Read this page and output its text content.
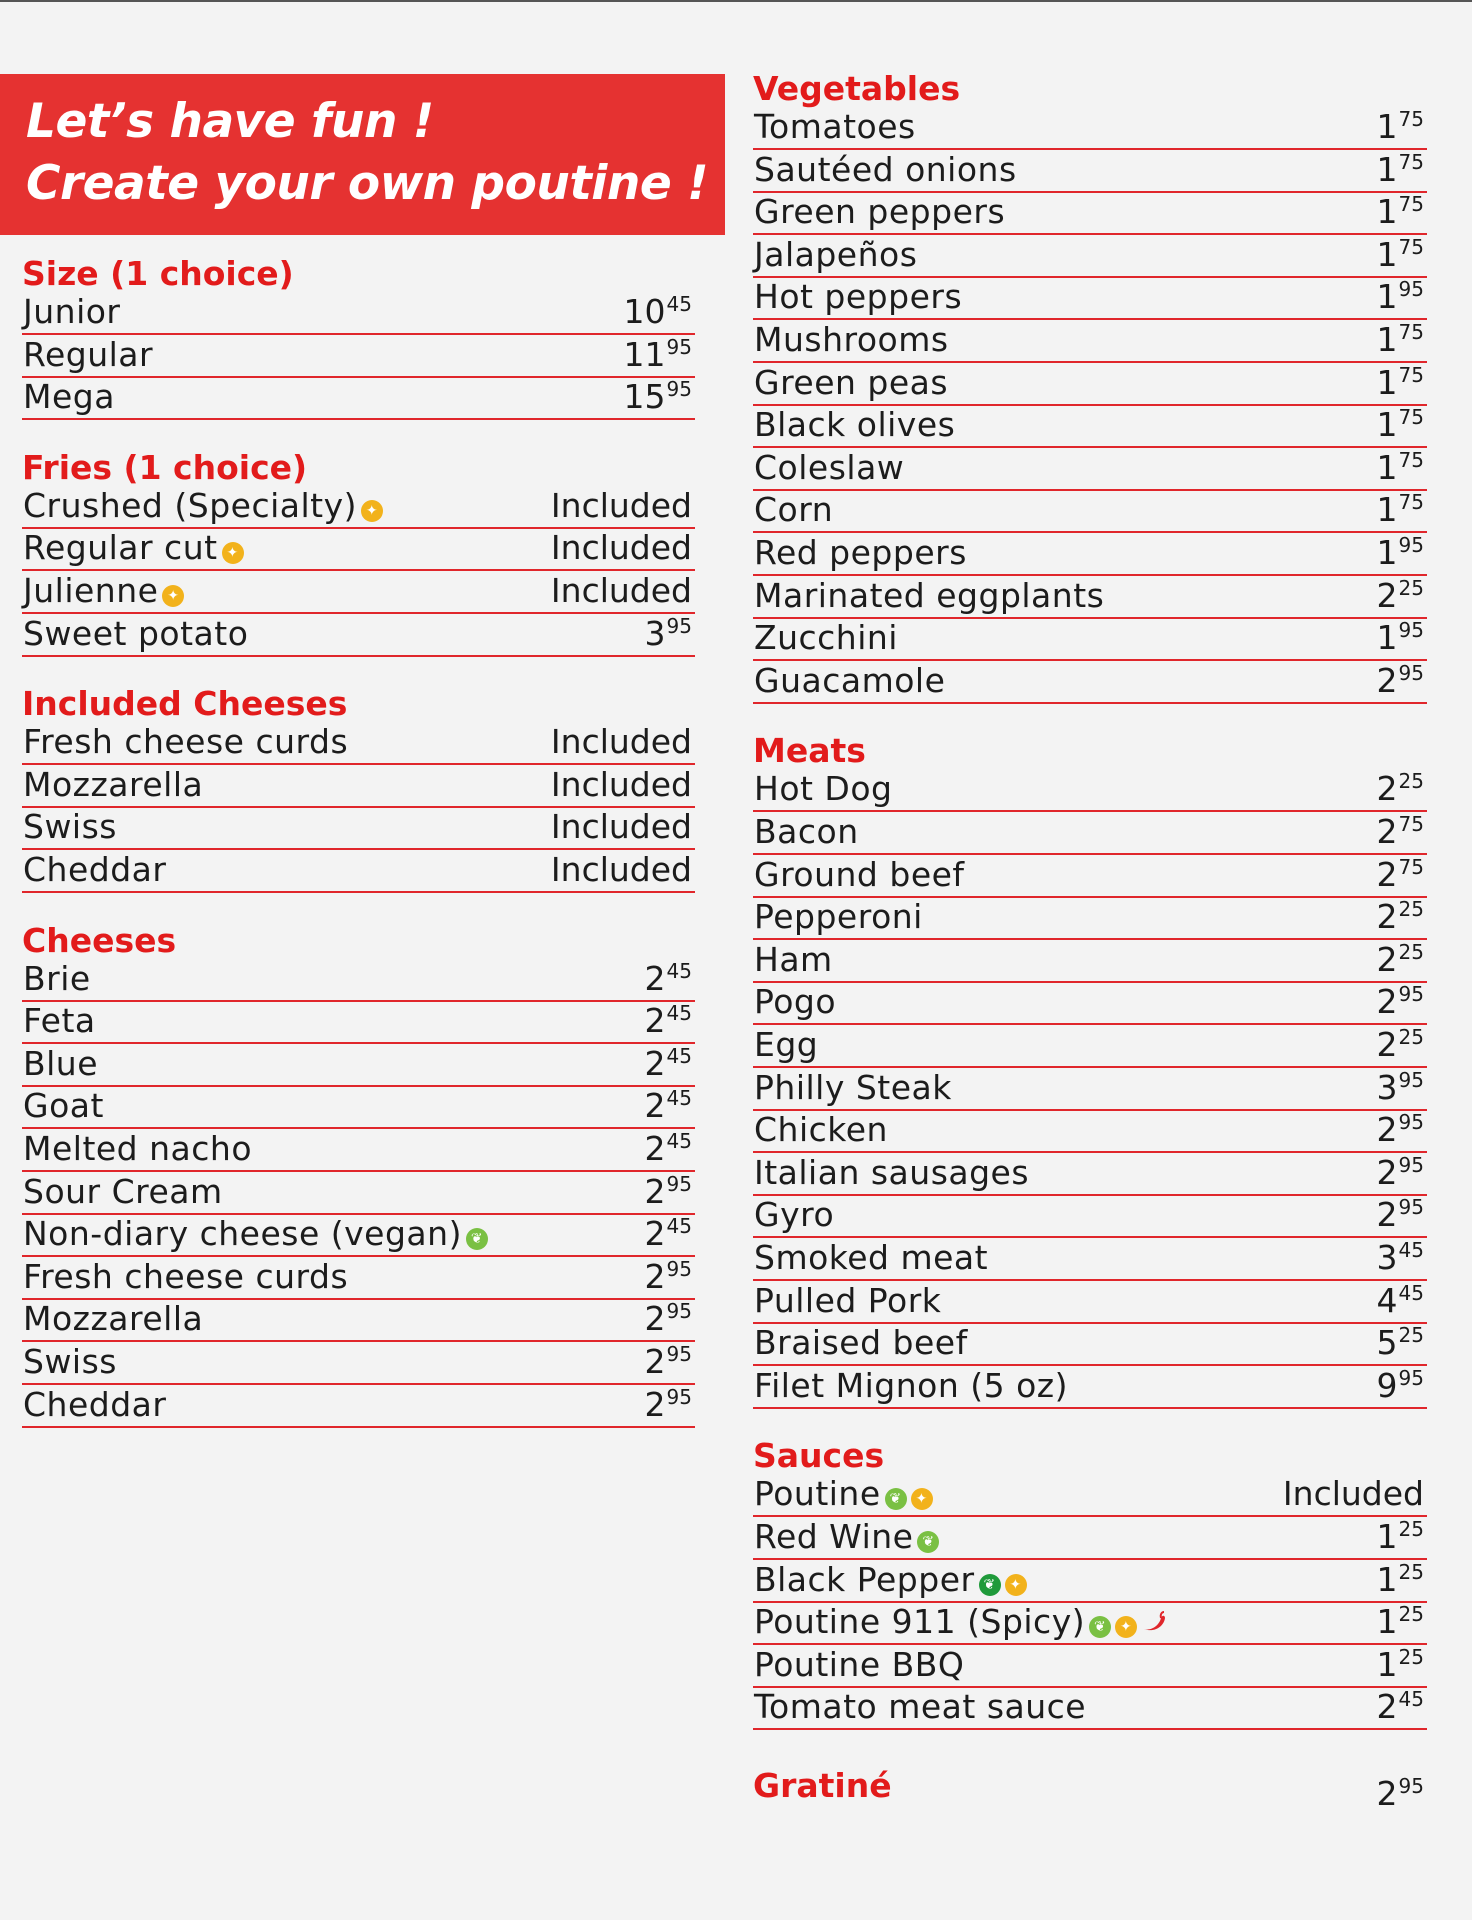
Let’s have fun !
Create your own poutine !
Size (1 choice)
Junior	$10^{45}$
Regular	$11^{95}$
Mega	$15^{95}$
Fries (1 choice)
Crushed (Specialty) ✦	Included
Regular cut ✦	Included
Julienne ✦	Included
Sweet potato	$3^{95}$
Included Cheeses
Fresh cheese curds	Included
Mozzarella	Included
Swiss	Included
Cheddar	Included
Cheeses
Brie	$2^{45}$
Feta	$2^{45}$
Blue	$2^{45}$
Goat	$2^{45}$
Melted nacho	$2^{45}$
Sour Cream	$2^{95}$
Non-diary cheese (vegan) ❦	$2^{45}$
Fresh cheese curds	$2^{95}$
Mozzarella	$2^{95}$
Swiss	$2^{95}$
Cheddar	$2^{95}$
Vegetables
Tomatoes	$1^{75}$
Sautéed onions	$1^{75}$
Green peppers	$1^{75}$
Jalapeños	$1^{75}$
Hot peppers	$1^{95}$
Mushrooms	$1^{75}$
Green peas	$1^{75}$
Black olives	$1^{75}$
Coleslaw	$1^{75}$
Corn	$1^{75}$
Red peppers	$1^{95}$
Marinated eggplants	$2^{25}$
Zucchini	$1^{95}$
Guacamole	$2^{95}$
Meats
Hot Dog	$2^{25}$
Bacon	$2^{75}$
Ground beef	$2^{75}$
Pepperoni	$2^{25}$
Ham	$2^{25}$
Pogo	$2^{95}$
Egg	$2^{25}$
Philly Steak	$3^{95}$
Chicken	$2^{95}$
Italian sausages	$2^{95}$
Gyro	$2^{95}$
Smoked meat	$3^{45}$
Pulled Pork	$4^{45}$
Braised beef	$5^{25}$
Filet Mignon (5 oz)	$9^{95}$
Sauces
Poutine ❦ ✦	Included
Red Wine ❦	$1^{25}$
Black Pepper ❦ ✦	$1^{25}$
Poutine 911 (Spicy) ❦ ✦	$1^{25}$
Poutine BBQ	$1^{25}$
Tomato meat sauce	$2^{45}$
Gratiné	$2^{95}$
